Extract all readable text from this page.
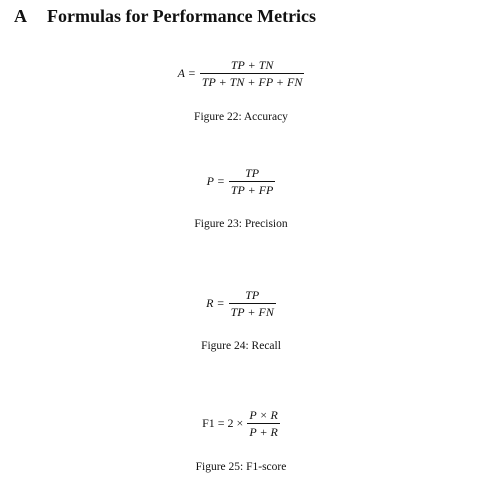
A Formulas for Performance Metrics
$A = \frac{TP + TN}{TP + TN + FP + FN}$
Figure 22: Accuracy
$P = \frac{TP}{TP + FP}$
Figure 23: Precision
$R = \frac{TP}{TP + FN}$
Figure 24: Recall
$F1 = 2 \times \frac{P \times R}{P + R}$
Figure 25: F1-score
